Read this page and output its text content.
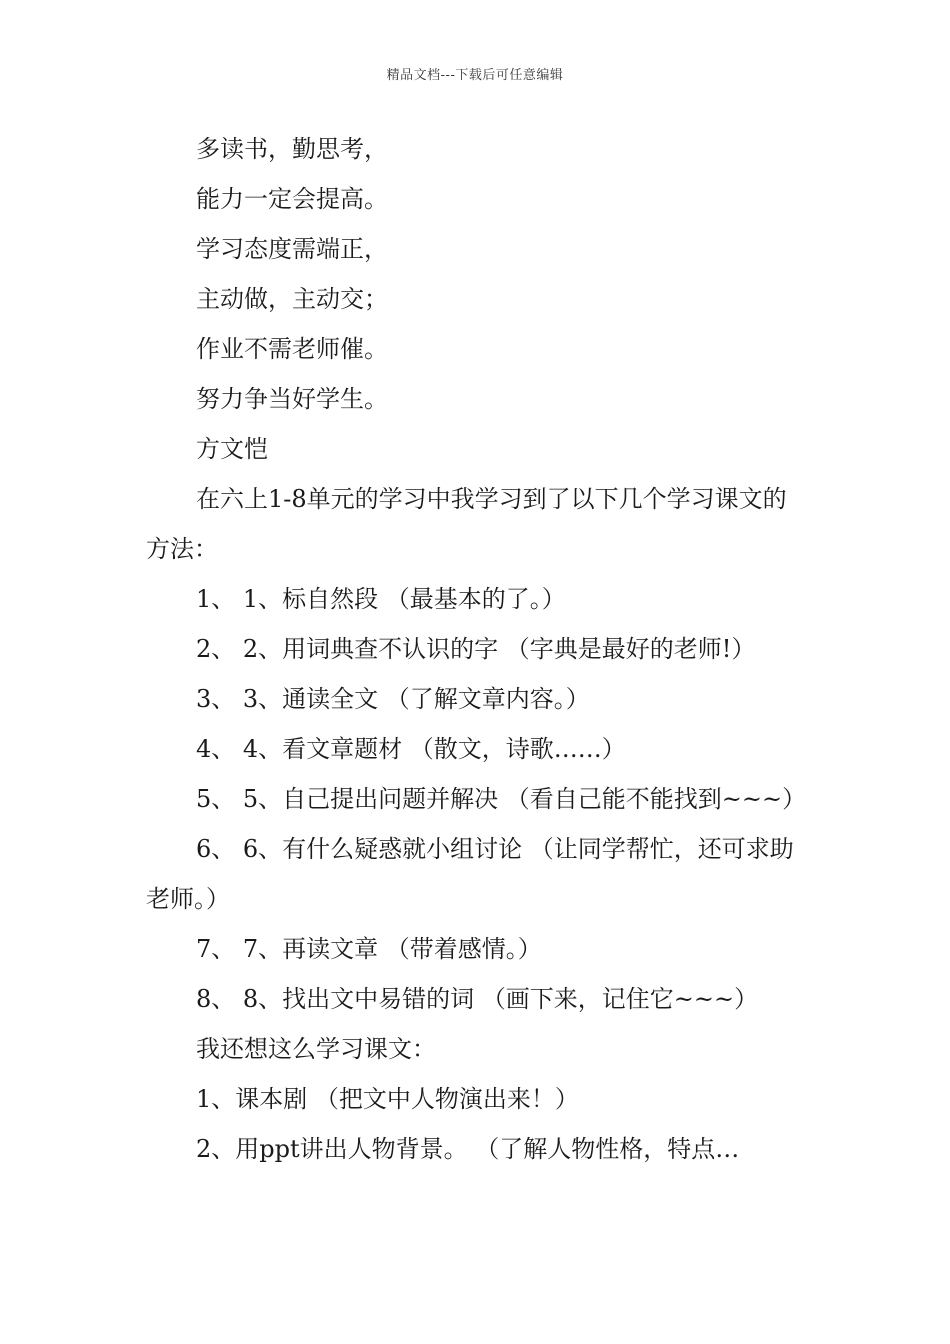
精品文档---下载后可任意编辑

多读书，勤思考，

能力一定会提高。

学习态度需端正，

主动做，主动交；

作业不需老师催。

努力争当好学生。

方文恺

在六上1-8单元的学习中我学习到了以下几个学习课文的方法：

1、 1、标自然段 （最基本的了。）

2、 2、用词典查不认识的字 （字典是最好的老师!）

3、 3、通读全文 （了解文章内容。）

4、 4、看文章题材 （散文，诗歌……）

5、 5、自己提出问题并解决 （看自己能不能找到~~~）

6、 6、有什么疑惑就小组讨论 （让同学帮忙，还可求助老师。）

7、 7、再读文章 （带着感情。）

8、 8、找出文中易错的词 （画下来，记住它~~~）

我还想这么学习课文：

1、课本剧 （把文中人物演出来！）

2、用ppt讲出人物背景。 （了解人物性格，特点…
